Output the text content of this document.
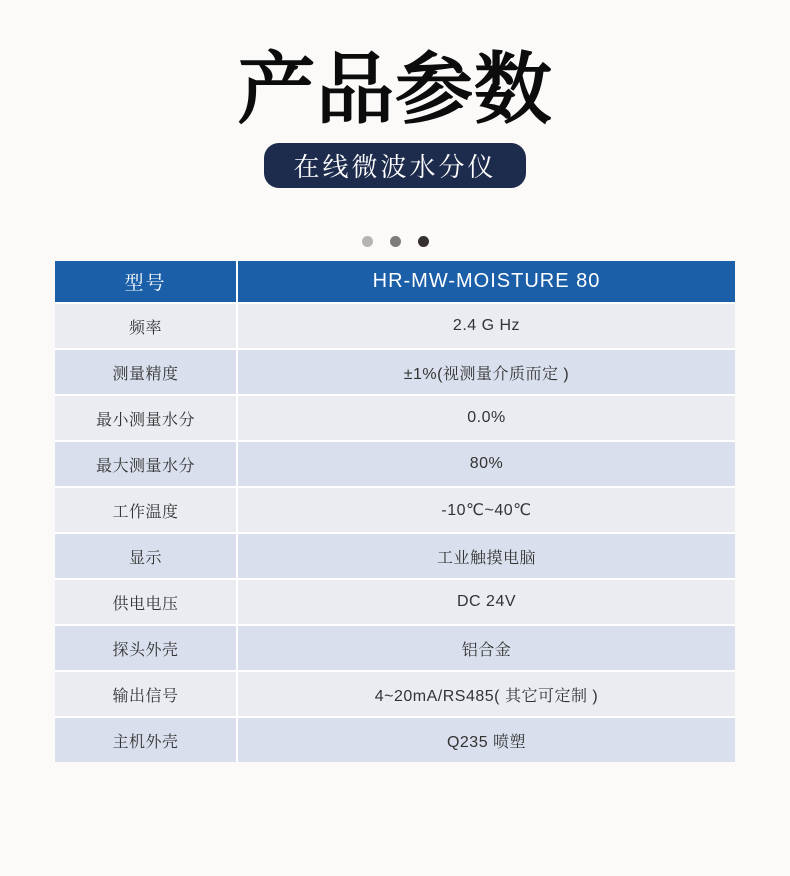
产品参数
在线微波水分仪
型号	HR-MW-MOISTURE 80
频率	2.4 G Hz
测量精度	±1%(视测量介质而定 )
最小测量水分	0.0%
最大测量水分	80%
工作温度	-10℃~40℃
显示	工业触摸电脑
供电电压	DC 24V
探头外壳	铝合金
输出信号	4~20mA/RS485( 其它可定制 )
主机外壳	Q235 喷塑
